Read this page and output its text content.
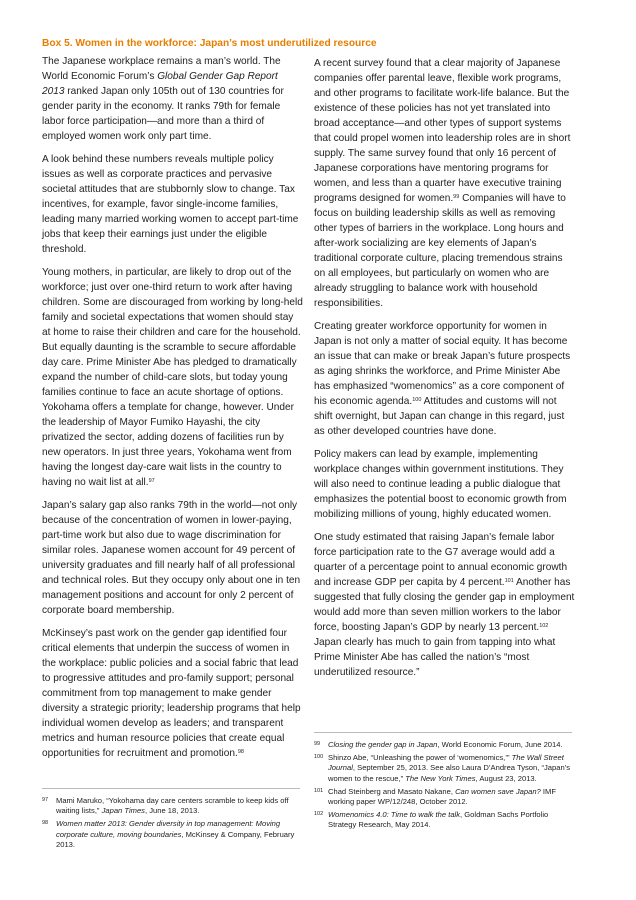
Box 5. Women in the workforce: Japan’s most underutilized resource

The Japanese workplace remains a man’s world. The World Economic Forum’s Global Gender Gap Report 2013 ranked Japan only 105th out of 130 countries for gender parity in the economy. It ranks 79th for female labor force participation—and more than a third of employed women work only part time.

A look behind these numbers reveals multiple policy issues as well as corporate practices and pervasive societal attitudes that are stubbornly slow to change. Tax incentives, for example, favor single-income families, leading many married working women to accept part-time jobs that keep their earnings just under the eligible threshold.

Young mothers, in particular, are likely to drop out of the workforce; just over one-third return to work after having children. Some are discouraged from working by long-held family and societal expectations that women should stay at home to raise their children and care for the household. But equally daunting is the scramble to secure affordable day care. Prime Minister Abe has pledged to dramatically expand the number of child-care slots, but today young families continue to face an acute shortage of options. Yokohama offers a template for change, however. Under the leadership of Mayor Fumiko Hayashi, the city privatized the sector, adding dozens of facilities run by new operators. In just three years, Yokohama went from having the longest day-care wait lists in the country to having no wait list at all.$^{97}$

Japan’s salary gap also ranks 79th in the world—not only because of the concentration of women in lower-paying, part-time work but also due to wage discrimination for similar roles. Japanese women account for 49 percent of university graduates and fill nearly half of all professional and technical roles. But they occupy only about one in ten management positions and account for only 2 percent of corporate board membership.

McKinsey’s past work on the gender gap identified four critical elements that underpin the success of women in the workplace: public policies and a social fabric that lead to progressive attitudes and pro-family support; personal commitment from top management to make gender diversity a strategic priority; leadership programs that help individual women develop as leaders; and transparent metrics and human resource policies that create equal opportunities for recruitment and promotion.$^{98}$

A recent survey found that a clear majority of Japanese companies offer parental leave, flexible work programs, and other programs to facilitate work-life balance. But the existence of these policies has not yet translated into broad acceptance—and other types of support systems that could propel women into leadership roles are in short supply. The same survey found that only 16 percent of Japanese corporations have mentoring programs for women, and less than a quarter have executive training programs designed for women.$^{99}$ Companies will have to focus on building leadership skills as well as removing other types of barriers in the workplace. Long hours and after-work socializing are key elements of Japan’s traditional corporate culture, placing tremendous strains on all employees, but particularly on women who are already struggling to balance work with household responsibilities.

Creating greater workforce opportunity for women in Japan is not only a matter of social equity. It has become an issue that can make or break Japan’s future prospects as aging shrinks the workforce, and Prime Minister Abe has emphasized “womenomics” as a core component of his economic agenda.$^{100}$ Attitudes and customs will not shift overnight, but Japan can change in this regard, just as other developed countries have done.

Policy makers can lead by example, implementing workplace changes within government institutions. They will also need to continue leading a public dialogue that emphasizes the potential boost to economic growth from mobilizing millions of young, highly educated women.

One study estimated that raising Japan’s female labor force participation rate to the G7 average would add a quarter of a percentage point to annual economic growth and increase GDP per capita by 4 percent.$^{101}$ Another has suggested that fully closing the gender gap in employment would add more than seven million workers to the labor force, boosting Japan’s GDP by nearly 13 percent.$^{102}$ Japan clearly has much to gain from tapping into what Prime Minister Abe has called the nation’s “most underutilized resource.”

97	Mami Maruko, “Yokohama day care centers scramble to keep kids off waiting lists,” Japan Times, June 18, 2013.
98	Women matter 2013: Gender diversity in top management: Moving corporate culture, moving boundaries, McKinsey & Company, February 2013.
99	Closing the gender gap in Japan, World Economic Forum, June 2014.
100 Shinzo Abe, “Unleashing the power of ‘womenomics,’” The Wall Street Journal, September 25, 2013. See also Laura D’Andrea Tyson, “Japan’s women to the rescue,” The New York Times, August 23, 2013.
101 Chad Steinberg and Masato Nakane, Can women save Japan? IMF working paper WP/12/248, October 2012.
102 Womenomics 4.0: Time to walk the talk, Goldman Sachs Portfolio Strategy Research, May 2014.
